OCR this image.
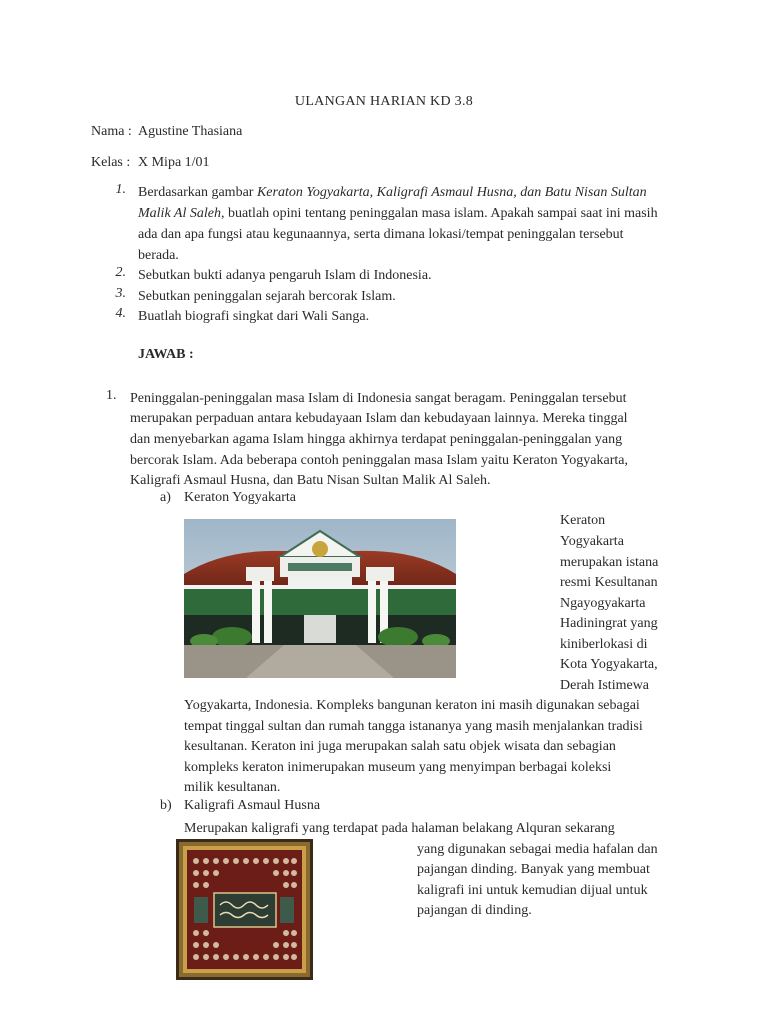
ULANGAN HARIAN KD 3.8
Nama : Agustine Thasiana
Kelas : X Mipa 1/01
1. Berdasarkan gambar Keraton Yogyakarta, Kaligrafi Asmaul Husna, dan Batu Nisan Sultan Malik Al Saleh, buatlah opini tentang peninggalan masa islam. Apakah sampai saat ini masih ada dan apa fungsi atau kegunaannya, serta dimana lokasi/tempat peninggalan tersebut berada.
2. Sebutkan bukti adanya pengaruh Islam di Indonesia.
3. Sebutkan peninggalan sejarah bercorak Islam.
4. Buatlah biografi singkat dari Wali Sanga.
JAWAB :
1. Peninggalan-peninggalan masa Islam di Indonesia sangat beragam. Peninggalan tersebut
merupakan perpaduan antara kebudayaan Islam dan kebudayaan lainnya. Mereka tinggal
dan menyebarkan agama Islam hingga akhirnya terdapat peninggalan-peninggalan yang
bercorak Islam. Ada beberapa contoh peninggalan masa Islam yaitu Keraton Yogyakarta,
Kaligrafi Asmaul Husna, dan Batu Nisan Sultan Malik Al Saleh.
a) Keraton Yogyakarta
Keraton
Yogyakarta
merupakan istana
resmi Kesultanan
Ngayogyakarta
Hadiningrat yang
kiniberlokasi di
Kota Yogyakarta,
Derah Istimewa
Yogyakarta, Indonesia. Kompleks bangunan keraton ini masih digunakan sebagai
tempat tinggal sultan dan rumah tangga istananya yang masih menjalankan tradisi
kesultanan. Keraton ini juga merupakan salah satu objek wisata dan sebagian
kompleks keraton inimerupakan museum yang menyimpan berbagai koleksi
milik kesultanan.
b) Kaligrafi Asmaul Husna
Merupakan kaligrafi yang terdapat pada halaman belakang Alquran sekarang
yang digunakan sebagai media hafalan dan
pajangan dinding. Banyak yang membuat
kaligrafi ini untuk kemudian dijual untuk
pajangan di dinding.
